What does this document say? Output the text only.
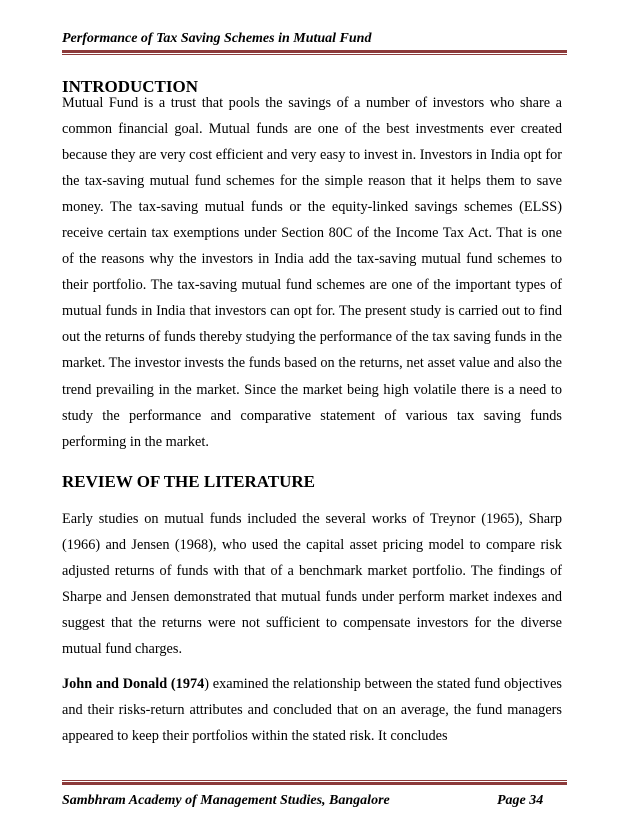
Performance of Tax Saving Schemes in Mutual Fund
INTRODUCTION
Mutual Fund is a trust that pools the savings of a number of investors who share a common financial goal. Mutual funds are one of the best investments ever created because they are very cost efficient and very easy to invest in. Investors in India opt for the tax-saving mutual fund schemes for the simple reason that it helps them to save money. The tax-saving mutual funds or the equity-linked savings schemes (ELSS) receive certain tax exemptions under Section 80C of the Income Tax Act. That is one of the reasons why the investors in India add the tax-saving mutual fund schemes to their portfolio. The tax-saving mutual fund schemes are one of the important types of mutual funds in India that investors can opt for. The present study is carried out to find out the returns of funds thereby studying the performance of the tax saving funds in the market. The investor invests the funds based on the returns, net asset value and also the trend prevailing in the market. Since the market being high volatile there is a need to study the performance and comparative statement of various tax saving funds performing in the market.
REVIEW OF THE LITERATURE
Early studies on mutual funds included the several works of Treynor (1965), Sharp (1966) and Jensen (1968), who used the capital asset pricing model to compare risk adjusted returns of funds with that of a benchmark market portfolio. The findings of Sharpe and Jensen demonstrated that mutual funds under perform market indexes and suggest that the returns were not sufficient to compensate investors for the diverse mutual fund charges.
John and Donald (1974) examined the relationship between the stated fund objectives and their risks-return attributes and concluded that on an average, the fund managers appeared to keep their portfolios within the stated risk. It concludes
Sambhram Academy of Management Studies, Bangalore	Page 34
